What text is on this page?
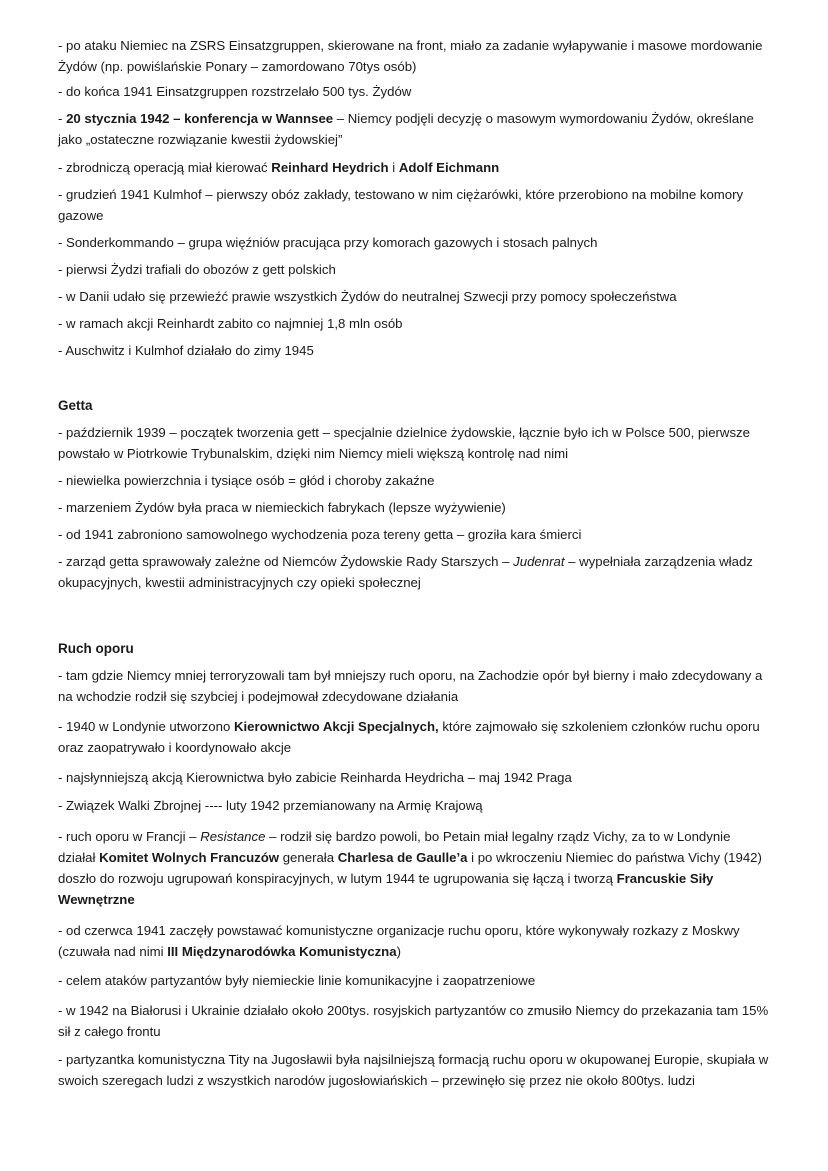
- po ataku Niemiec na ZSRS Einsatzgruppen, skierowane na front, miało za zadanie wyłapywanie i masowe mordowanie Żydów (np. powiślańskie Ponary – zamordowano 70tys osób)

- do końca 1941 Einsatzgruppen rozstrzelało 500 tys. Żydów

- 20 stycznia 1942 – konferencja w Wannsee – Niemcy podjęli decyzję o masowym wymordowaniu Żydów, określane jako „ostateczne rozwiązanie kwestii żydowskiej”

- zbrodniczą operacją miał kierować Reinhard Heydrich i Adolf Eichmann

- grudzień 1941 Kulmhof – pierwszy obóz zakłady, testowano w nim ciężarówki, które przerobiono na mobilne komory gazowe

- Sonderkommando – grupa więźniów pracująca przy komorach gazowych i stosach palnych

- pierwsi Żydzi trafiali do obozów z gett polskich

- w Danii udało się przewieźć prawie wszystkich Żydów do neutralnej Szwecji przy pomocy społeczeństwa

- w ramach akcji Reinhardt zabito co najmniej 1,8 mln osób

- Auschwitz i Kulmhof działało do zimy 1945

Getta

- październik 1939 – początek tworzenia gett – specjalnie dzielnice żydowskie, łącznie było ich w Polsce 500, pierwsze powstało w Piotrkowie Trybunalskim, dzięki nim Niemcy mieli większą kontrolę nad nimi

- niewielka powierzchnia i tysiące osób = głód i choroby zakaźne

- marzeniem Żydów była praca w niemieckich fabrykach (lepsze wyżywienie)

- od 1941 zabroniono samowolnego wychodzenia poza tereny getta – groziła kara śmierci

- zarząd getta sprawowały zależne od Niemców Żydowskie Rady Starszych – Judenrat – wypełniała zarządzenia władz okupacyjnych, kwestii administracyjnych czy opieki społecznej

Ruch oporu

- tam gdzie Niemcy mniej terroryzowali tam był mniejszy ruch oporu, na Zachodzie opór był bierny i mało zdecydowany a na wchodzie rodził się szybciej i podejmował zdecydowane działania

- 1940 w Londynie utworzono Kierownictwo Akcji Specjalnych, które zajmowało się szkoleniem członków ruchu oporu oraz zaopatrywało i koordynowało akcje

- najsłynniejszą akcją Kierownictwa było zabicie Reinharda Heydricha – maj 1942 Praga

- Związek Walki Zbrojnej ---- luty 1942 przemianowany na Armię Krajową

- ruch oporu w Francji – Resistance – rodził się bardzo powoli, bo Petain miał legalny rządz Vichy, za to w Londynie działał Komitet Wolnych Francuzów generała Charlesa de Gaulle’a i po wkroczeniu Niemiec do państwa Vichy (1942) doszło do rozwoju ugrupowań konspiracyjnych, w lutym 1944 te ugrupowania się łączą i tworzą Francuskie Siły Wewnętrzne

- od czerwca 1941 zaczęły powstawać komunistyczne organizacje ruchu oporu, które wykonywały rozkazy z Moskwy (czuwała nad nimi III Międzynarodówka Komunistyczna)

- celem ataków partyzantów były niemieckie linie komunikacyjne i zaopatrzeniowe

- w 1942 na Białorusi i Ukrainie działało około 200tys. rosyjskich partyzantów co zmusiło Niemcy do przekazania tam 15% sił z całego frontu

- partyzantka komunistyczna Tity na Jugosławii była najsilniejszą formacją ruchu oporu w okupowanej Europie, skupiała w swoich szeregach ludzi z wszystkich narodów jugosłowiańskich – przewinęło się przez nie około 800tys. ludzi
